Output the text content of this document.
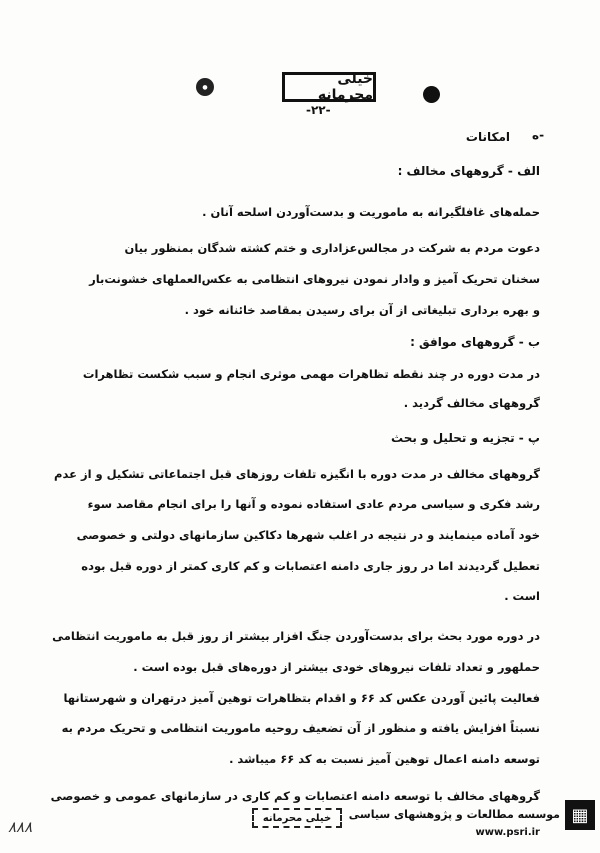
●	خیلی محرمانه
-۲۲-
ه-
امکانات
الف - گروههای مخالف :
حمله‌های غافلگیرانه به ماموریت و بدست‌آوردن اسلحه آنان .
دعوت مردم به شرکت در مجالس‌عزاداری و ختم کشته شدگان بمنظور بیان
سخنان تحریک آمیز و وادار نمودن نیروهای انتظامی به عکس‌العملهای خشونت‌بار
و بهره برداری تبلیغاتی از آن برای رسیدن بمقاصد خائنانه خود .
ب - گروههای موافق :
در مدت دوره در چند نقطه تظاهرات مهمی موثری انجام و سبب شکست تظاهرات
گروههای مخالف گردید .
پ - تجزیه و تحلیل و بحث
گروههای مخالف در مدت دوره با انگیزه تلفات روزهای قبل اجتماعاتی تشکیل و از عدم
رشد فکری و سیاسی مردم عادی استفاده نموده و آنها را برای انجام مقاصد سوء
خود آماده مینمایند و در نتیجه در اغلب شهرها دکاکین سازمانهای دولتی و خصوصی
تعطیل گردیدند اما در روز جاری دامنه اعتصابات و کم کاری کمتر از دوره قبل بوده
است .
در دوره مورد بحث برای بدست‌آوردن جنگ افزار بیشتر از روز قبل به ماموریت انتظامی
حملهور و تعداد تلفات نیروهای خودی بیشتر از دوره‌های قبل بوده است .
فعالیت پائین آوردن عکس کد ۶۶ و اقدام بتظاهرات توهین آمیز درتهران و شهرستانها
نسبتاً افزایش یافته و منظور از آن تضعیف روحیه ماموریت انتظامی و تحریک مردم به
توسعه دامنه اعمال توهین آمیز نسبت به کد ۶۶ میباشد .
گروههای مخالف با توسعه دامنه اعتصابات و کم کاری در سازمانهای عمومی و خصوصی
۸۸۸	خیلی محرمانه	موسسه مطالعات و پژوهشهای سیاسی
www.psri.ir
▦
